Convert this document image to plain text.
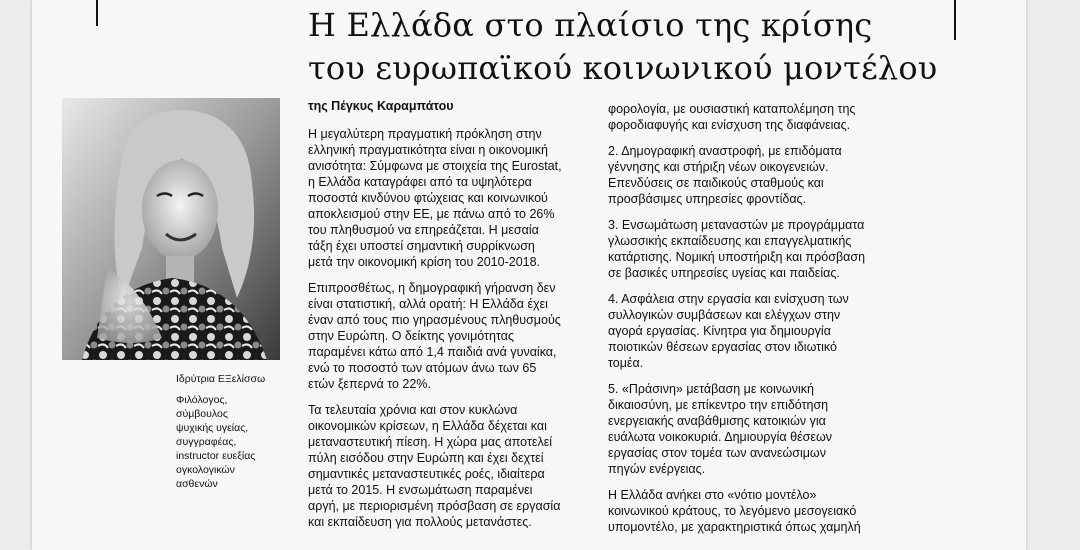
Η Ελλάδα στο πλαίσιο της κρίσης
του ευρωπαϊκού κοινωνικού μοντέλου
Ιδρύτρια ΕΞελίσσω
Φιλόλογος,
σύμβουλος
ψυχικής υγείας,
συγγραφέας,
instructor ευεξίας
ογκολογικών
ασθενών
της Πέγκυς Καραμπάτου

Η μεγαλύτερη πραγματική πρόκληση στην
ελληνική πραγματικότητα είναι η οικονομική
ανισότητα: Σύμφωνα με στοιχεία της Eurostat,
η Ελλάδα καταγράφει από τα υψηλότερα
ποσοστά κινδύνου φτώχειας και κοινωνικού
αποκλεισμού στην ΕΕ, με πάνω από το 26%
του πληθυσμού να επηρεάζεται. Η μεσαία
τάξη έχει υποστεί σημαντική συρρίκνωση
μετά την οικονομική κρίση του 2010-2018.

Επιπροσθέτως, η δημογραφική γήρανση δεν
είναι στατιστική, αλλά ορατή: Η Ελλάδα έχει
έναν από τους πιο γηρασμένους πληθυσμούς
στην Ευρώπη. Ο δείκτης γονιμότητας
παραμένει κάτω από 1,4 παιδιά ανά γυναίκα,
ενώ το ποσοστό των ατόμων άνω των 65
ετών ξεπερνά το 22%.

Τα τελευταία χρόνια και στον κυκλώνα
οικονομικών κρίσεων, η Ελλάδα δέχεται και
μεταναστευτική πίεση. Η χώρα μας αποτελεί
πύλη εισόδου στην Ευρώπη και έχει δεχτεί
σημαντικές μεταναστευτικές ροές, ιδιαίτερα
μετά το 2015. Η ενσωμάτωση παραμένει
αργή, με περιορισμένη πρόσβαση σε εργασία
και εκπαίδευση για πολλούς μετανάστες.

φορολογία, με ουσιαστική καταπολέμηση της
φοροδιαφυγής και ενίσχυση της διαφάνειας.

2. Δημογραφική αναστροφή, με επιδόματα
γέννησης και στήριξη νέων οικογενειών.
Επενδύσεις σε παιδικούς σταθμούς και
προσβάσιμες υπηρεσίες φροντίδας.

3. Ενσωμάτωση μεταναστών με προγράμματα
γλωσσικής εκπαίδευσης και επαγγελματικής
κατάρτισης. Νομική υποστήριξη και πρόσβαση
σε βασικές υπηρεσίες υγείας και παιδείας.

4. Ασφάλεια στην εργασία και ενίσχυση των
συλλογικών συμβάσεων και ελέγχων στην
αγορά εργασίας. Κίνητρα για δημιουργία
ποιοτικών θέσεων εργασίας στον ιδιωτικό
τομέα.

5. «Πράσινη» μετάβαση με κοινωνική
δικαιοσύνη, με επίκεντρο την επιδότηση
ενεργειακής αναβάθμισης κατοικιών για
ευάλωτα νοικοκυριά. Δημιουργία θέσεων
εργασίας στον τομέα των ανανεώσιμων
πηγών ενέργειας.

Η Ελλάδα ανήκει στο «νότιο μοντέλο»
κοινωνικού κράτους, το λεγόμενο μεσογειακό
υπομοντέλο, με χαρακτηριστικά όπως χαμηλή
